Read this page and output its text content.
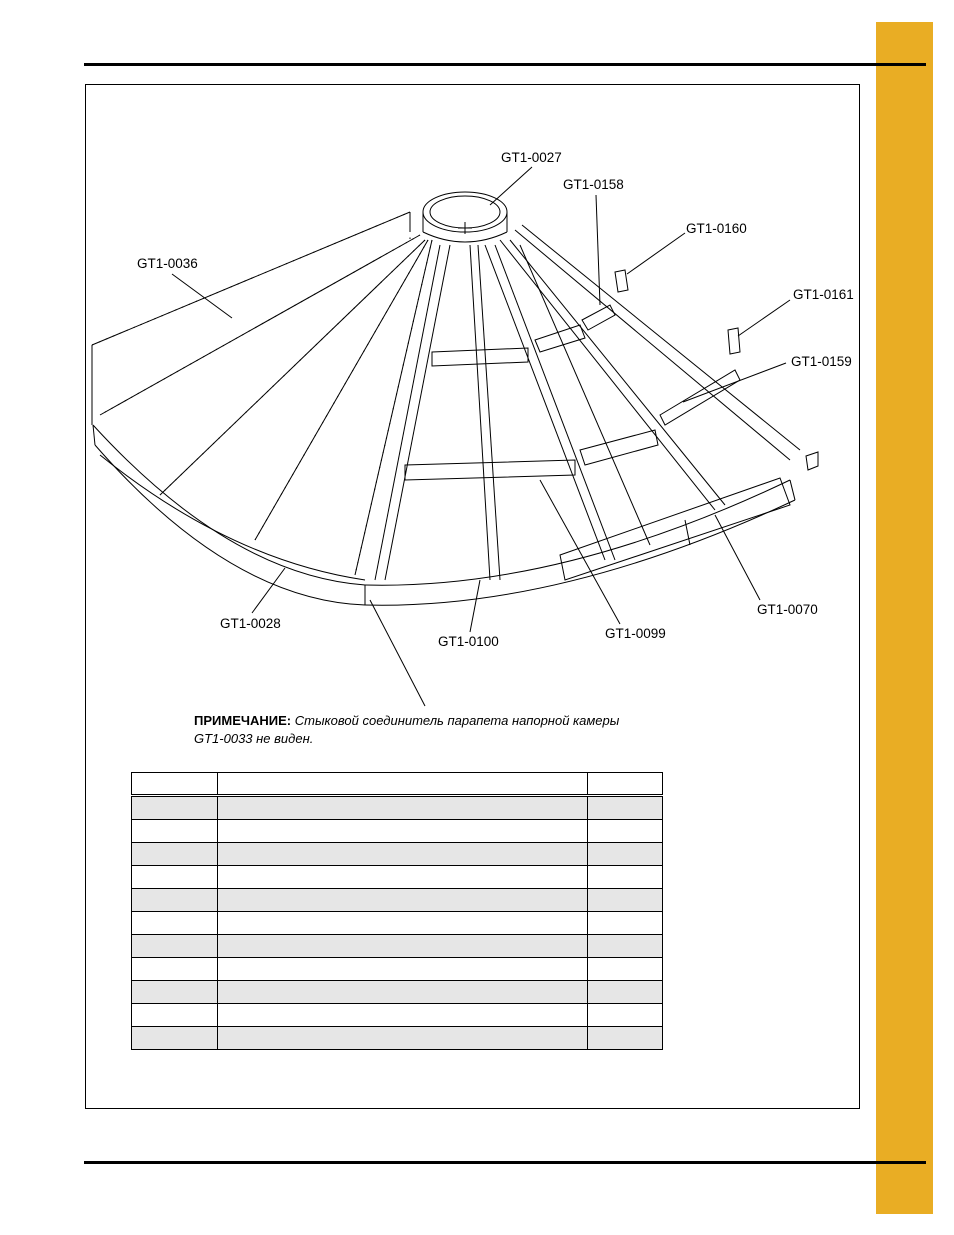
GT1-0027
GT1-0158
GT1-0160
GT1-0036
GT1-0161
GT1-0159
GT1-0070
GT1-0028
GT1-0099
GT1-0100
ПРИМЕЧАНИЕ: Стыковой соединитель парапета напорной камеры
GT1-0033 не виден.
